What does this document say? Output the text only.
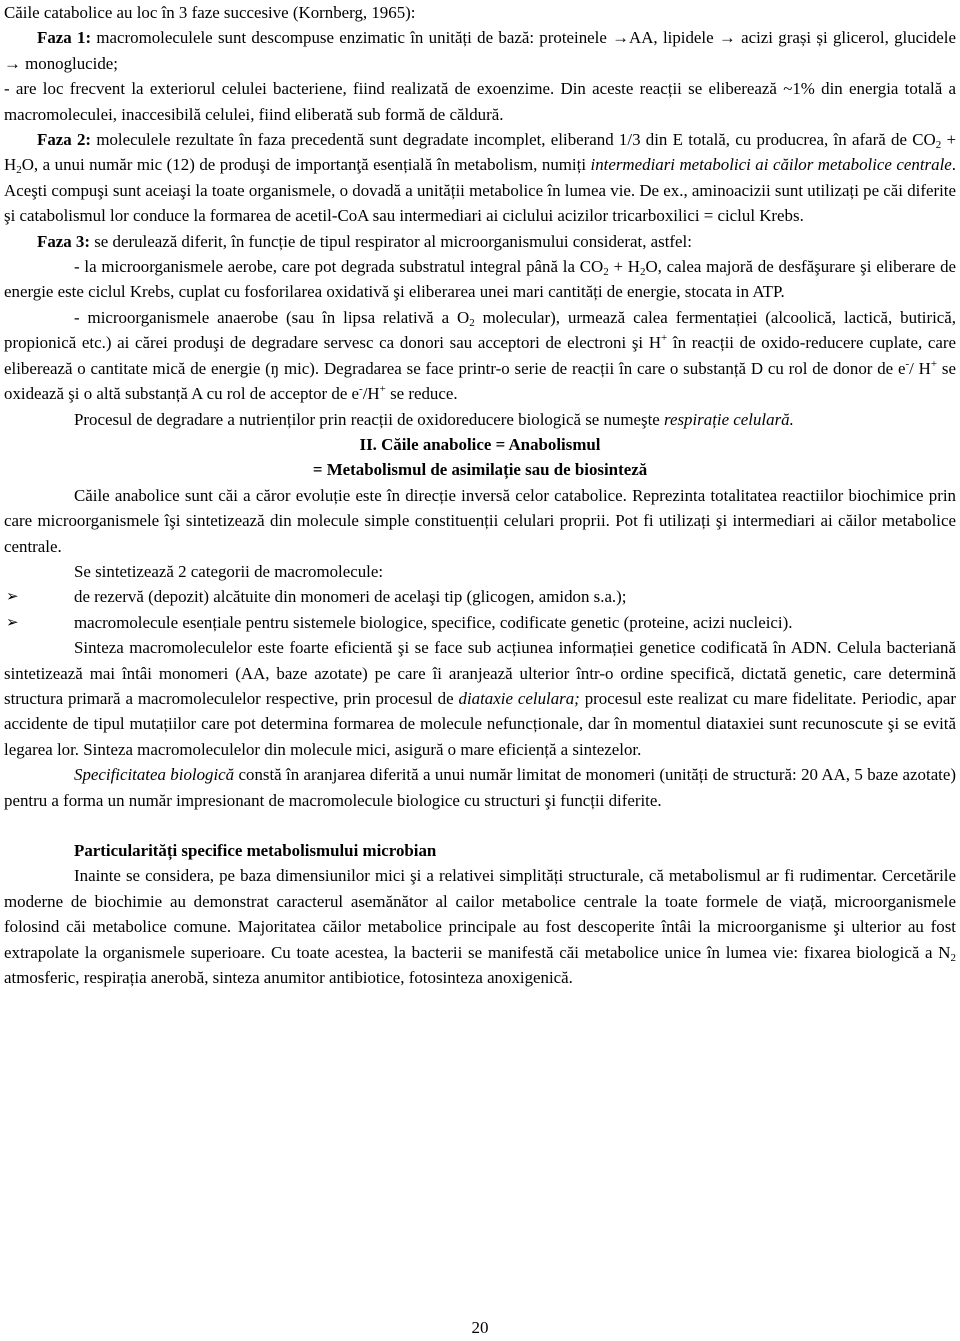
Căile catabolice au loc în 3 faze succesive (Kornberg, 1965):

Faza 1: macromoleculele sunt descompuse enzimatic în unități de bază: proteinele →AA, lipidele → acizi grași și glicerol, glucidele → monoglucide;

- are loc frecvent la exteriorul celulei bacteriene, fiind realizată de exoenzime. Din aceste reacții se eliberează ~1% din energia totală a macromoleculei, inaccesibilă celulei, fiind eliberată sub formă de căldură.

Faza 2: moleculele rezultate în faza precedentă sunt degradate incomplet, eliberand 1/3 din E totală, cu producrea, în afară de $CO_2 + H_2O$, a unui număr mic (12) de produşi de importanţă esențială în metabolism, numiți intermediari metabolici ai căilor metabolice centrale. Aceşti compuşi sunt aceiaşi la toate organismele, o dovadă a unității metabolice în lumea vie. De ex., aminoacizii sunt utilizați pe căi diferite şi catabolismul lor conduce la formarea de acetil-CoA sau intermediari ai ciclului acizilor tricarboxilici = ciclul Krebs.

Faza 3: se derulează diferit, în funcție de tipul respirator al microorganismului considerat, astfel:

- la microorganismele aerobe, care pot degrada substratul integral până la $CO_2 + H_2O$, calea majoră de desfăşurare şi eliberare de energie este ciclul Krebs, cuplat cu fosforilarea oxidativă şi eliberarea unei mari cantități de energie, stocata in ATP.

- microorganismele anaerobe (sau în lipsa relativă a $O_2$ molecular), urmează calea fermentației (alcoolică, lactică, butirică, propionică etc.) ai cărei produşi de degradare servesc ca donori sau acceptori de electroni şi H+ în reacții de oxido-reducere cuplate, care eliberează o cantitate mică de energie (ŋ mic). Degradarea se face printr-o serie de reacții în care o substanță D cu rol de donor de e-/ H+ se oxidează şi o altă substanță A cu rol de acceptor de e-/H+ se reduce.

Procesul de degradare a nutrienților prin reacții de oxidoreducere biologică se numeşte respirație celulară.

II. Căile anabolice = Anabolismul

= Metabolismul de asimilație sau de biosinteză

Căile anabolice sunt căi a căror evoluție este în direcție inversă celor catabolice. Reprezinta totalitatea reactiilor biochimice prin care microorganismele îşi sintetizează din molecule simple constituenții celulari proprii. Pot fi utilizați şi intermediari ai căilor metabolice centrale.

Se sintetizează 2 categorii de macromolecule:

➢	de rezervă (depozit) alcătuite din monomeri de acelaşi tip (glicogen, amidon s.a.);
➢	macromolecule esențiale pentru sistemele biologice, specifice, codificate genetic (proteine, acizi nucleici).

Sinteza macromoleculelor este foarte eficientă şi se face sub acțiunea informației genetice codificată în ADN. Celula bacteriană sintetizează mai întâi monomeri (AA, baze azotate) pe care îi aranjează ulterior într-o ordine specifică, dictată genetic, care determină structura primară a macromoleculelor respective, prin procesul de diataxie celulara; procesul este realizat cu mare fidelitate. Periodic, apar accidente de tipul mutațiilor care pot determina formarea de molecule nefuncționale, dar în momentul diataxiei sunt recunoscute şi se evită legarea lor. Sinteza macromoleculelor din molecule mici, asigură o mare eficiență a sintezelor.

Specificitatea biologică constă în aranjarea diferită a unui număr limitat de monomeri (unități de structură: 20 AA, 5 baze azotate) pentru a forma un număr impresionant de macromolecule biologice cu structuri şi funcții diferite.

Particularități specifice metabolismului microbian

Inainte se considera, pe baza dimensiunilor mici şi a relativei simplități structurale, că metabolismul ar fi rudimentar. Cercetările moderne de biochimie au demonstrat caracterul asemănător al cailor metabolice centrale la toate formele de viață, microorganismele folosind căi metabolice comune. Majoritatea căilor metabolice principale au fost descoperite întâi la microorganisme şi ulterior au fost extrapolate la organismele superioare. Cu toate acestea, la bacterii se manifestă căi metabolice unice în lumea vie: fixarea biologică a $N_2$ atmosferic, respirația anerobă, sinteza anumitor antibiotice, fotosinteza anoxigenică.

20
